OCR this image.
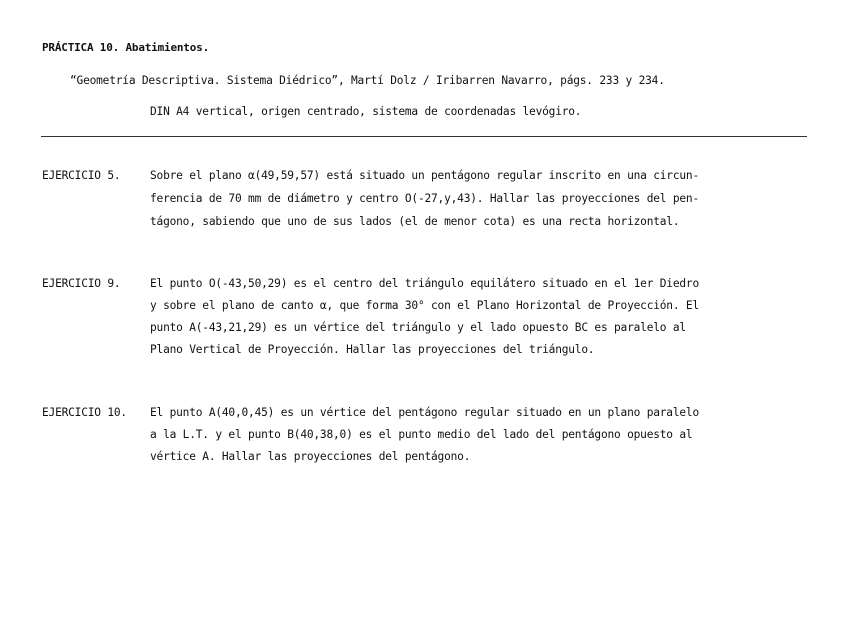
PRÁCTICA 10. Abatimientos.
“Geometría Descriptiva. Sistema Diédrico”, Martí Dolz / Iribarren Navarro, págs. 233 y 234.
DIN A4 vertical, origen centrado, sistema de coordenadas levógiro.
EJERCICIO 5.	Sobre el plano α(49,59,57) está situado un pentágono regular inscrito en una circun-
ferencia de 70 mm de diámetro y centro O(-27,y,43). Hallar las proyecciones del pen-
tágono, sabiendo que uno de sus lados (el de menor cota) es una recta horizontal.
EJERCICIO 9.	El punto O(-43,50,29) es el centro del triángulo equilátero situado en el 1er Diedro
y sobre el plano de canto α, que forma 30° con el Plano Horizontal de Proyección. El
punto A(-43,21,29) es un vértice del triángulo y el lado opuesto BC es paralelo al
Plano Vertical de Proyección. Hallar las proyecciones del triángulo.
EJERCICIO 10. El punto A(40,0,45) es un vértice del pentágono regular situado en un plano paralelo
a la L.T. y el punto B(40,38,0) es el punto medio del lado del pentágono opuesto al
vértice A. Hallar las proyecciones del pentágono.
